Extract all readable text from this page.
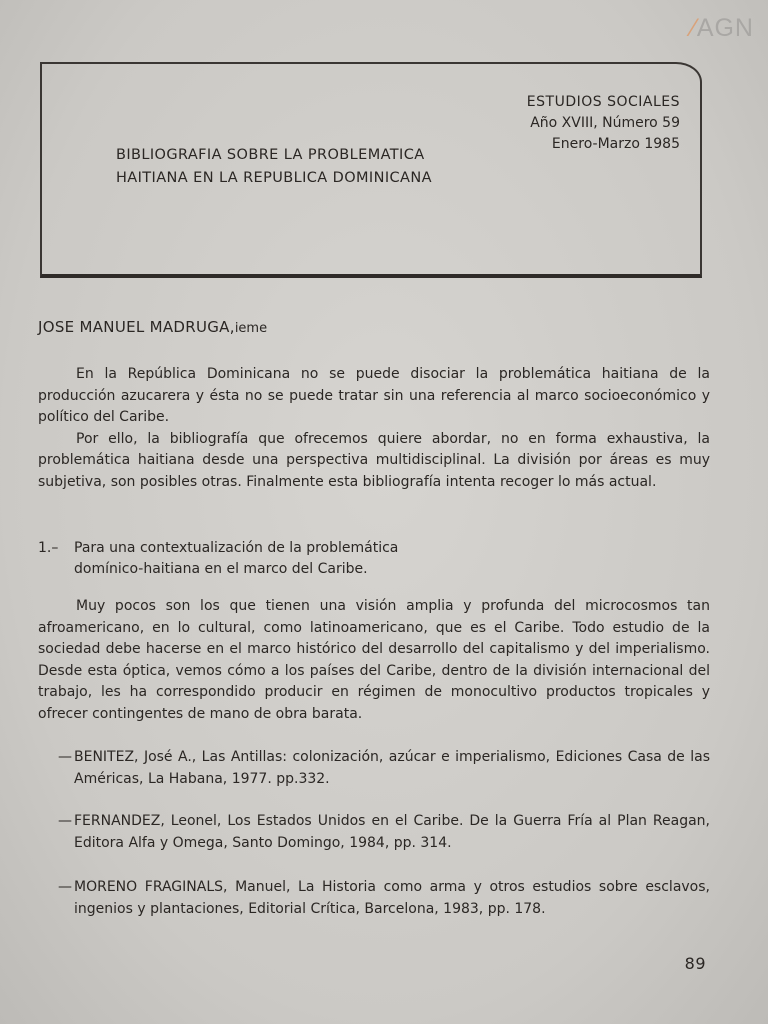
⁄AGN
ESTUDIOS SOCIALES
Año XVIII, Número 59
Enero-Marzo 1985
BIBLIOGRAFIA SOBRE LA PROBLEMATICA
HAITIANA EN LA REPUBLICA DOMINICANA
JOSE MANUEL MADRUGA,ieme

En la República Dominicana no se puede disociar la problemática haitiana de la producción azucarera y ésta no se puede tratar sin una referencia al marco socioeconómico y político del Caribe.

Por ello, la bibliografía que ofrecemos quiere abordar, no en forma exhaustiva, la problemática haitiana desde una perspectiva multidisciplinal. La división por áreas es muy subjetiva, son posibles otras. Finalmente esta bibliografía intenta recoger lo más actual.

1.– Para una contextualización de la problemática
domínico-haitiana en el marco del Caribe.

Muy pocos son los que tienen una visión amplia y profunda del microcosmos tan afroamericano, en lo cultural, como latinoamericano, que es el Caribe. Todo estudio de la sociedad debe hacerse en el marco histórico del desarrollo del capitalismo y del imperialismo. Desde esta óptica, vemos cómo a los países del Caribe, dentro de la división internacional del trabajo, les ha correspondido producir en régimen de monocultivo productos tropicales y ofrecer contingentes de mano de obra barata.

— BENITEZ, José A., Las Antillas: colonización, azúcar e imperialismo, Ediciones Casa de las Américas, La Habana, 1977. pp.332.
— FERNANDEZ, Leonel, Los Estados Unidos en el Caribe. De la Guerra Fría al Plan Reagan, Editora Alfa y Omega, Santo Domingo, 1984, pp. 314.
— MORENO FRAGINALS, Manuel, La Historia como arma y otros estudios sobre esclavos, ingenios y plantaciones, Editorial Crítica, Barcelona, 1983, pp. 178.
89
